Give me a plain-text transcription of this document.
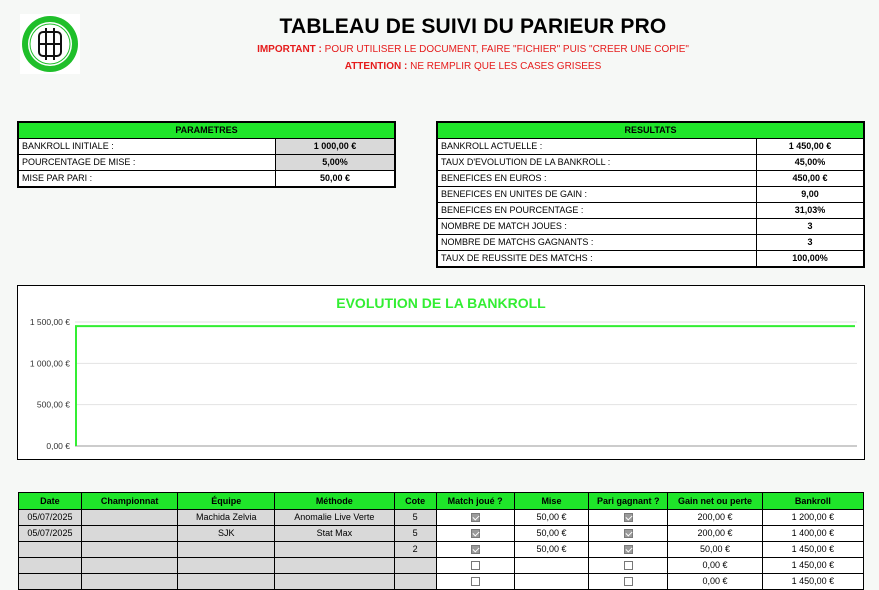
TABLEAU DE SUIVI DU PARIEUR PRO
IMPORTANT : POUR UTILISER LE DOCUMENT, FAIRE "FICHIER" PUIS "CREER UNE COPIE"
ATTENTION : NE REMPLIR QUE LES CASES GRISEES
PARAMETRES	
BANKROLL INITIALE :	1 000,00 €
POURCENTAGE DE MISE :	5,00%
MISE PAR PARI :	50,00 €
RESULTATS	
BANKROLL ACTUELLE :	1 450,00 €
TAUX D'EVOLUTION DE LA BANKROLL :	45,00%
BENEFICES EN EUROS :	450,00 €
BENEFICES EN UNITES DE GAIN :	9,00
BENEFICES EN POURCENTAGE :	31,03%
NOMBRE DE MATCH JOUES :	3
NOMBRE DE MATCHS GAGNANTS :	3
TAUX DE REUSSITE DES MATCHS :	100,00%
EVOLUTION DE LA BANKROLL
0,00 €
500,00 €
1 000,00 €
1 500,00 €
Date	Championnat	Équipe	Méthode	Cote	Match joué ?	Mise	Pari gagnant ?	Gain net ou perte	Bankroll
05/07/2025		Machida Zelvia	Anomalie Live Verte	5		50,00 €		200,00 €	1 200,00 €
05/07/2025		SJK	Stat Max	5		50,00 €		200,00 €	1 400,00 €
				2		50,00 €		50,00 €	1 450,00 €
								0,00 €	1 450,00 €
								0,00 €	1 450,00 €
